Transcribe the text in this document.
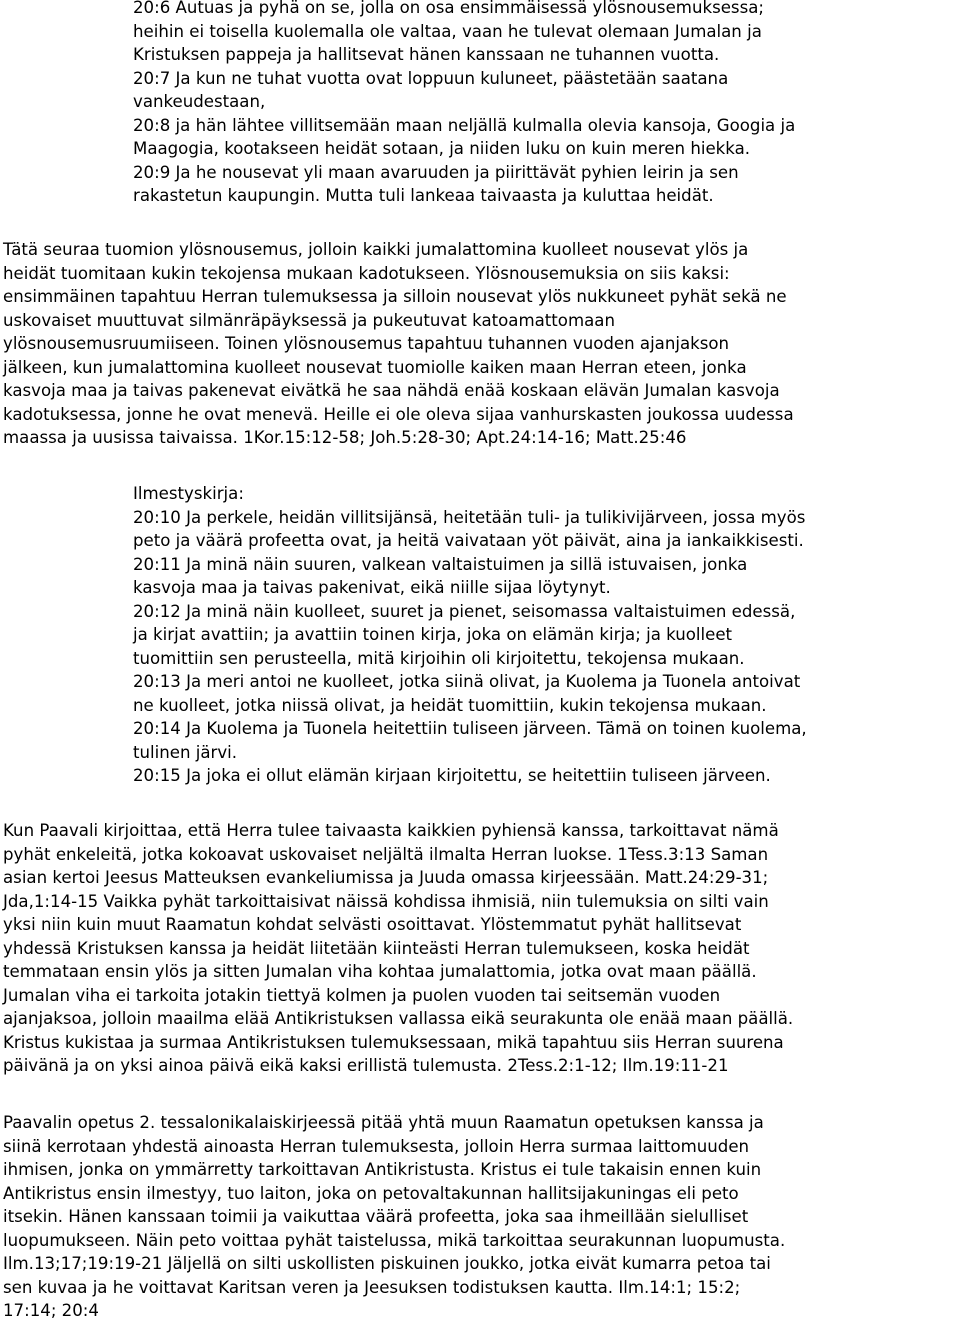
20:6 Autuas ja pyhä on se, jolla on osa ensimmäisessä ylösnousemuksessa;
heihin ei toisella kuolemalla ole valtaa, vaan he tulevat olemaan Jumalan ja
Kristuksen pappeja ja hallitsevat hänen kanssaan ne tuhannen vuotta.
20:7 Ja kun ne tuhat vuotta ovat loppuun kuluneet, päästetään saatana
vankeudestaan,
20:8 ja hän lähtee villitsemään maan neljällä kulmalla olevia kansoja, Googia ja
Maagogia, kootakseen heidät sotaan, ja niiden luku on kuin meren hiekka.
20:9 Ja he nousevat yli maan avaruuden ja piirittävät pyhien leirin ja sen
rakastetun kaupungin. Mutta tuli lankeaa taivaasta ja kuluttaa heidät.
Tätä seuraa tuomion ylösnousemus, jolloin kaikki jumalattomina kuolleet nousevat ylös ja
heidät tuomitaan kukin tekojensa mukaan kadotukseen. Ylösnousemuksia on siis kaksi:
ensimmäinen tapahtuu Herran tulemuksessa ja silloin nousevat ylös nukkuneet pyhät sekä ne
uskovaiset muuttuvat silmänräpäyksessä ja pukeutuvat katoamattomaan
ylösnousemusruumiiseen. Toinen ylösnousemus tapahtuu tuhannen vuoden ajanjakson
jälkeen, kun jumalattomina kuolleet nousevat tuomiolle kaiken maan Herran eteen, jonka
kasvoja maa ja taivas pakenevat eivätkä he saa nähdä enää koskaan elävän Jumalan kasvoja
kadotuksessa, jonne he ovat menevä. Heille ei ole oleva sijaa vanhurskasten joukossa uudessa
maassa ja uusissa taivaissa. 1Kor.15:12-58; Joh.5:28-30; Apt.24:14-16; Matt.25:46
Ilmestyskirja:
20:10 Ja perkele, heidän villitsijänsä, heitetään tuli- ja tulikivijärveen, jossa myös
peto ja väärä profeetta ovat, ja heitä vaivataan yöt päivät, aina ja iankaikkisesti.
20:11 Ja minä näin suuren, valkean valtaistuimen ja sillä istuvaisen, jonka
kasvoja maa ja taivas pakenivat, eikä niille sijaa löytynyt.
20:12 Ja minä näin kuolleet, suuret ja pienet, seisomassa valtaistuimen edessä,
ja kirjat avattiin; ja avattiin toinen kirja, joka on elämän kirja; ja kuolleet
tuomittiin sen perusteella, mitä kirjoihin oli kirjoitettu, tekojensa mukaan.
20:13 Ja meri antoi ne kuolleet, jotka siinä olivat, ja Kuolema ja Tuonela antoivat
ne kuolleet, jotka niissä olivat, ja heidät tuomittiin, kukin tekojensa mukaan.
20:14 Ja Kuolema ja Tuonela heitettiin tuliseen järveen. Tämä on toinen kuolema,
tulinen järvi.
20:15 Ja joka ei ollut elämän kirjaan kirjoitettu, se heitettiin tuliseen järveen.
Kun Paavali kirjoittaa, että Herra tulee taivaasta kaikkien pyhiensä kanssa, tarkoittavat nämä
pyhät enkeleitä, jotka kokoavat uskovaiset neljältä ilmalta Herran luokse. 1Tess.3:13 Saman
asian kertoi Jeesus Matteuksen evankeliumissa ja Juuda omassa kirjeessään. Matt.24:29-31;
Jda,1:14-15 Vaikka pyhät tarkoittaisivat näissä kohdissa ihmisiä, niin tulemuksia on silti vain
yksi niin kuin muut Raamatun kohdat selvästi osoittavat. Ylöstemmatut pyhät hallitsevat
yhdessä Kristuksen kanssa ja heidät liitetään kiinteästi Herran tulemukseen, koska heidät
temmataan ensin ylös ja sitten Jumalan viha kohtaa jumalattomia, jotka ovat maan päällä.
Jumalan viha ei tarkoita jotakin tiettyä kolmen ja puolen vuoden tai seitsemän vuoden
ajanjaksoa, jolloin maailma elää Antikristuksen vallassa eikä seurakunta ole enää maan päällä.
Kristus kukistaa ja surmaa Antikristuksen tulemuksessaan, mikä tapahtuu siis Herran suurena
päivänä ja on yksi ainoa päivä eikä kaksi erillistä tulemusta. 2Tess.2:1-12; Ilm.19:11-21
Paavalin opetus 2. tessalonikalaiskirjeessä pitää yhtä muun Raamatun opetuksen kanssa ja
siinä kerrotaan yhdestä ainoasta Herran tulemuksesta, jolloin Herra surmaa laittomuuden
ihmisen, jonka on ymmärretty tarkoittavan Antikristusta. Kristus ei tule takaisin ennen kuin
Antikristus ensin ilmestyy, tuo laiton, joka on petovaltakunnan hallitsijakuningas eli peto
itsekin. Hänen kanssaan toimii ja vaikuttaa väärä profeetta, joka saa ihmeillään sielulliset
luopumukseen. Näin peto voittaa pyhät taistelussa, mikä tarkoittaa seurakunnan luopumusta.
Ilm.13;17;19:19-21 Jäljellä on silti uskollisten piskuinen joukko, jotka eivät kumarra petoa tai
sen kuvaa ja he voittavat Karitsan veren ja Jeesuksen todistuksen kautta. Ilm.14:1; 15:2;
17:14; 20:4
